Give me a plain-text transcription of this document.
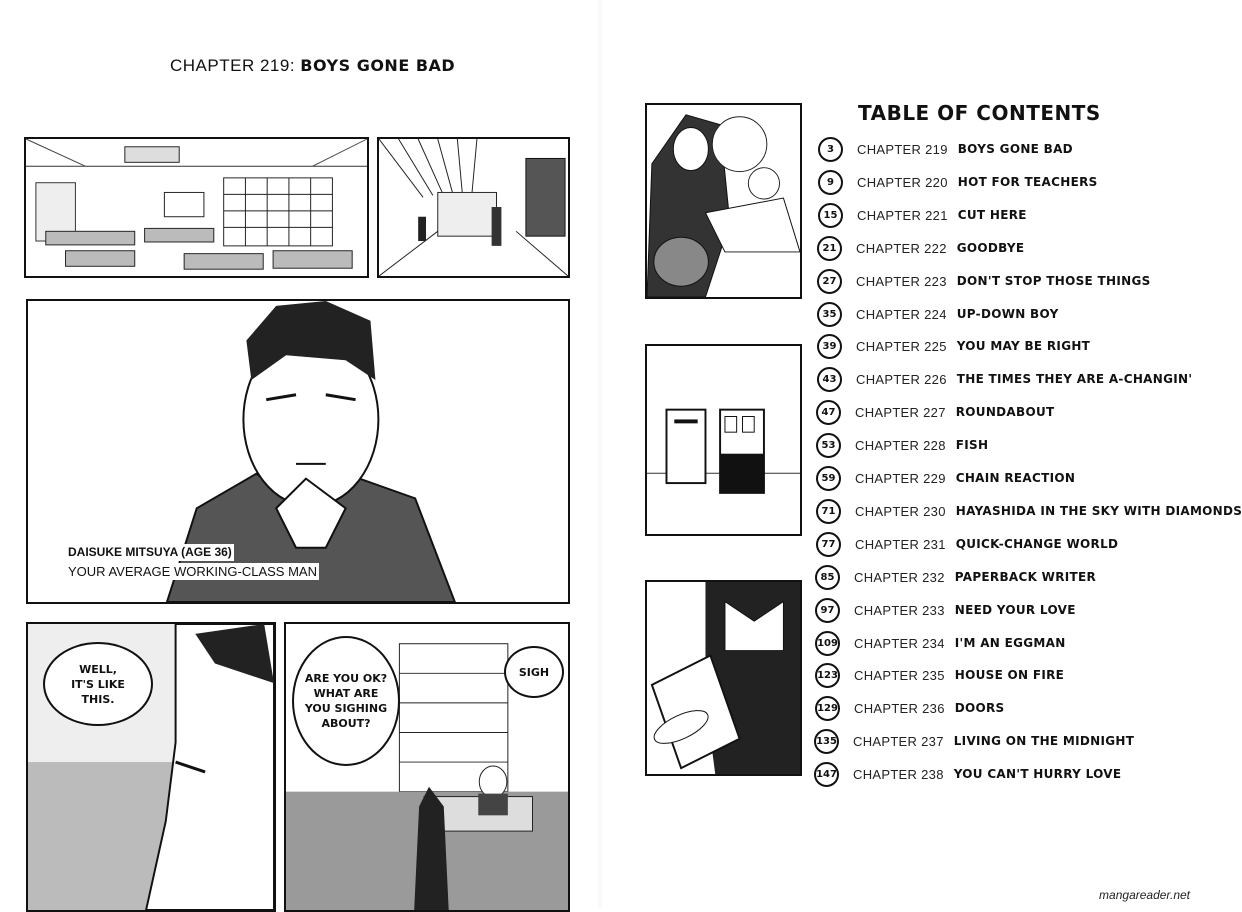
CHAPTER 219: BOYS GONE BAD
DAISUKE MITSUYA (AGE 36)
YOUR AVERAGE WORKING-CLASS MAN
WELL,
IT'S LIKE
THIS.
ARE YOU OK?
WHAT ARE
YOU SIGHING
ABOUT?
SIGH
TABLE OF CONTENTS
3	CHAPTER 219 BOYS GONE BAD
9	CHAPTER 220 HOT FOR TEACHERS
15	CHAPTER 221 CUT HERE
21	CHAPTER 222 GOODBYE
27	CHAPTER 223 DON'T STOP THOSE THINGS
35	CHAPTER 224 UP-DOWN BOY
39	CHAPTER 225 YOU MAY BE RIGHT
43	CHAPTER 226 THE TIMES THEY ARE A-CHANGIN'
47	CHAPTER 227 ROUNDABOUT
53	CHAPTER 228 FISH
59	CHAPTER 229 CHAIN REACTION
71	CHAPTER 230 HAYASHIDA IN THE SKY WITH DIAMONDS
77	CHAPTER 231 QUICK-CHANGE WORLD
85	CHAPTER 232 PAPERBACK WRITER
97	CHAPTER 233 NEED YOUR LOVE
109 CHAPTER 234 I'M AN EGGMAN
123 CHAPTER 235 HOUSE ON FIRE
129 CHAPTER 236 DOORS
135 CHAPTER 237 LIVING ON THE MIDNIGHT
147 CHAPTER 238 YOU CAN'T HURRY LOVE
mangareader.net
